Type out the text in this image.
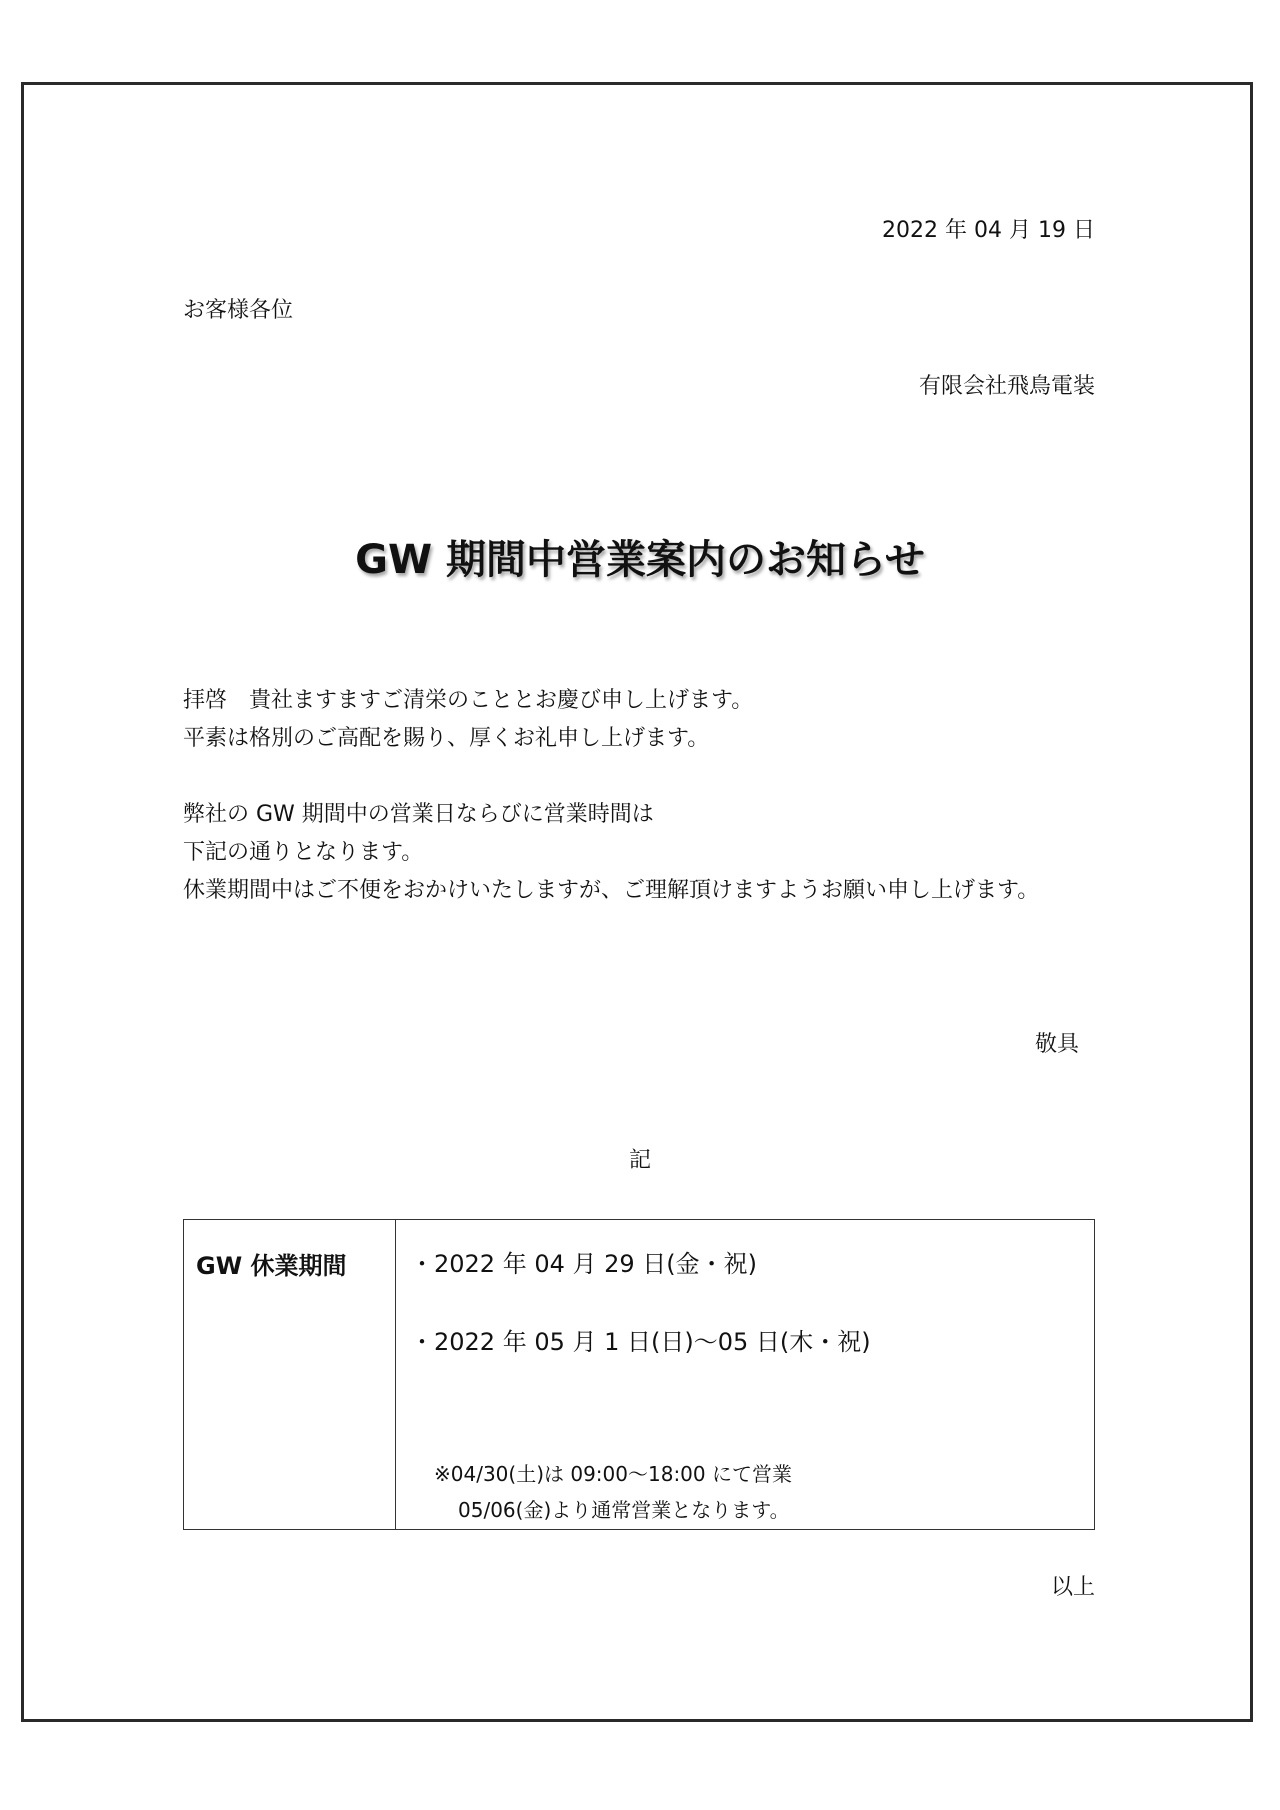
2022 年 04 月 19 日
お客様各位
有限会社飛鳥電装
GW 期間中営業案内のお知らせ
拝啓　貴社ますますご清栄のこととお慶び申し上げます。
平素は格別のご高配を賜り、厚くお礼申し上げます。
弊社の GW 期間中の営業日ならびに営業時間は
下記の通りとなります。
休業期間中はご不便をおかけいたしますが、ご理解頂けますようお願い申し上げます。
敬具
記
GW 休業期間	・2022 年 04 月 29 日(金・祝)
・2022 年 05 月 1 日(日)～05 日(木・祝)
※04/30(土)は 09:00～18:00 にて営業
05/06(金)より通常営業となります。
以上
